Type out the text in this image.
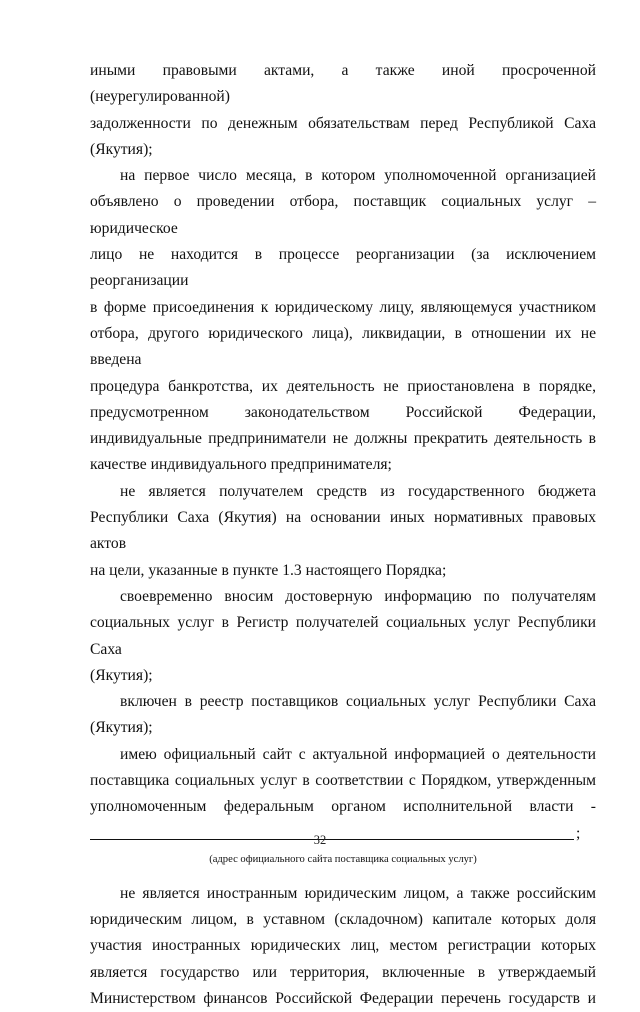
иными правовыми актами, а также иной просроченной (неурегулированной)
задолженности по денежным обязательствам перед Республикой Саха
(Якутия);
на первое число месяца, в котором уполномоченной организацией
объявлено о проведении отбора, поставщик социальных услуг – юридическое
лицо не находится в процессе реорганизации (за исключением реорганизации
в форме присоединения к юридическому лицу, являющемуся участником
отбора, другого юридического лица), ликвидации, в отношении их не введена
процедура банкротства, их деятельность не приостановлена в порядке,
предусмотренном законодательством Российской Федерации,
индивидуальные предприниматели не должны прекратить деятельность в
качестве индивидуального предпринимателя;
не является получателем средств из государственного бюджета
Республики Саха (Якутия) на основании иных нормативных правовых актов
на цели, указанные в пункте 1.3 настоящего Порядка;
своевременно вносим достоверную информацию по получателям
социальных услуг в Регистр получателей социальных услуг Республики Саха
(Якутия);
включен в реестр поставщиков социальных услуг Республики Саха
(Якутия);
имею официальный сайт с актуальной информацией о деятельности
поставщика социальных услуг в соответствии с Порядком, утвержденным
уполномоченным федеральным органом исполнительной власти -
;
(адрес официального сайта поставщика социальных услуг)
не является иностранным юридическим лицом, а также российским
юридическим лицом, в уставном (складочном) капитале которых доля
участия иностранных юридических лиц, местом регистрации которых
является государство или территория, включенные в утверждаемый
Министерством финансов Российской Федерации перечень государств и
32
